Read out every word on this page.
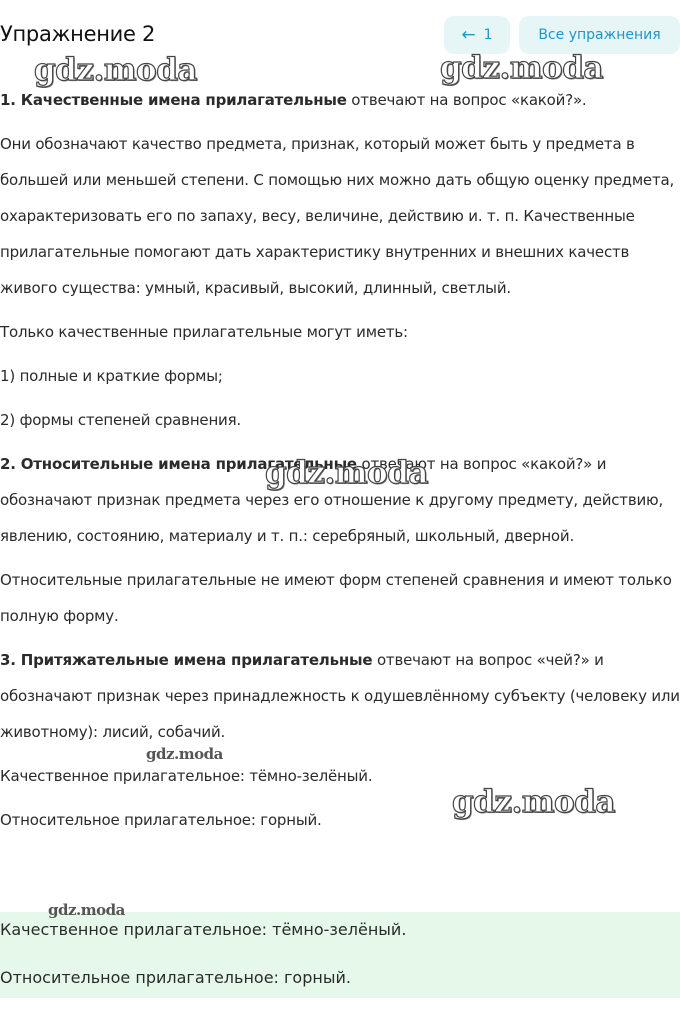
Упражнение 2	← 1	Все упражнения

1. Качественные имена прилагательные отвечают на вопрос «какой?».

Они обозначают качество предмета, признак, который может быть у предмета в большей или меньшей степени. С помощью них можно дать общую оценку предмета, охарактеризовать его по запаху, весу, величине, действию и. т. п. Качественные прилагательные помогают дать характеристику внутренних и внешних качеств живого существа: умный, красивый, высокий, длинный, светлый.

Только качественные прилагательные могут иметь:

1) полные и краткие формы;

2) формы степеней сравнения.

2. Относительные имена прилагательные отвечают на вопрос «какой?» и обозначают признак предмета через его отношение к другому предмету, действию, явлению, состоянию, материалу и т. п.: серебряный, школьный, дверной.

Относительные прилагательные не имеют форм степеней сравнения и имеют только полную форму.

3. Притяжательные имена прилагательные отвечают на вопрос «чей?» и обозначают признак через принадлежность к одушевлённому субъекту (человеку или животному): лисий, собачий.

Качественное прилагательное: тёмно-зелёный.

Относительное прилагательное: горный.

Качественное прилагательное: тёмно-зелёный.

Относительное прилагательное: горный.

gdz.moda	gdz.moda
gdz.moda
gdz.moda
gdz.moda
gdz.moda
